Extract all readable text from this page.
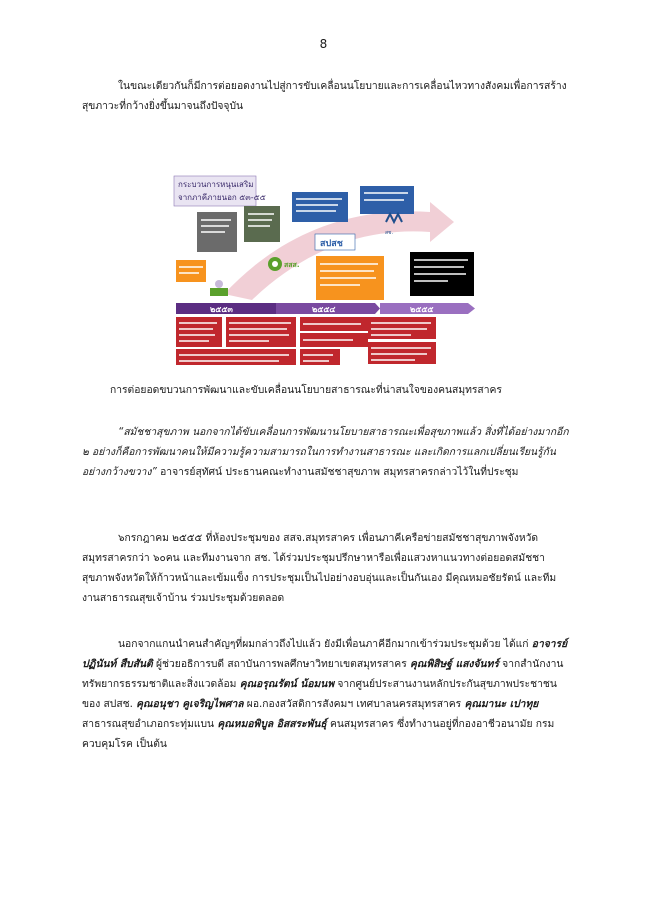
8

ในขณะเดียวกันก็มีการต่อยอดงานไปสู่การขับเคลื่อนนโยบายและการเคลื่อนไหวทางสังคมเพื่อการสร้างสุขภาวะที่กว้างยิ่งขึ้นมาจนถึงปัจจุบัน

กระบวนการหนุนเสริม
จากภาคีภายนอก ๕๓-๕๕
สปสช
สสส.
สช.
๒๕๕๓	๒๕๕๔	๒๕๕๕

การต่อยอดขบวนการพัฒนาและขับเคลื่อนนโยบายสาธารณะที่น่าสนใจของคนสมุทรสาคร

“สมัชชาสุขภาพ นอกจากได้ขับเคลื่อนการพัฒนานโยบายสาธารณะเพื่อสุขภาพแล้ว สิ่งที่ได้อย่างมากอีก ๒ อย่างก็คือการพัฒนาคนให้มีความรู้ความสามารถในการทำงานสาธารณะ และเกิดการแลกเปลี่ยนเรียนรู้กันอย่างกว้างขวาง” อาจารย์สุทัศน์ ประธานคณะทำงานสมัชชาสุขภาพ สมุทรสาครกล่าวไว้ในที่ประชุม

๖กรกฎาคม ๒๕๕๕ ที่ห้องประชุมของ สสจ.สมุทรสาคร เพื่อนภาคีเครือข่ายสมัชชาสุขภาพจังหวัดสมุทรสาครกว่า ๖๐คน และทีมงานจาก สช. ได้ร่วมประชุมปรึกษาหารือเพื่อแสวงหาแนวทางต่อยอดสมัชชาสุขภาพจังหวัดให้ก้าวหน้าและเข้มแข็ง การประชุมเป็นไปอย่างอบอุ่นและเป็นกันเอง มีคุณหมอชัยรัตน์ และทีมงานสาธารณสุขเจ้าบ้าน ร่วมประชุมด้วยตลอด

นอกจากแกนนำคนสำคัญๆที่ผมกล่าวถึงไปแล้ว ยังมีเพื่อนภาคีอีกมากเข้าร่วมประชุมด้วย ได้แก่ อาจารย์ปฏินันท์ สืบสันติ ผู้ช่วยอธิการบดี สถาบันการพลศึกษาวิทยาเขตสมุทรสาคร คุณพิสิษฐ์ แสงจันทร์ จากสำนักงานทรัพยากรธรรมชาติและสิ่งแวดล้อม คุณอรุณรัตน์ น้อมนพ จากศูนย์ประสานงานหลักประกันสุขภาพประชาชนของ สปสช. คุณอนุชา คูเจริญไพศาล ผอ.กองสวัสดิการสังคมฯ เทศบาลนครสมุทรสาคร คุณมานะ เปาทุย สาธารณสุขอำเภอกระทุ่มแบน คุณหมอพิบูล อิสสระพันธุ์ คนสมุทรสาคร ซึ่งทำงานอยู่ที่กองอาชีวอนามัย กรมควบคุมโรค เป็นต้น
